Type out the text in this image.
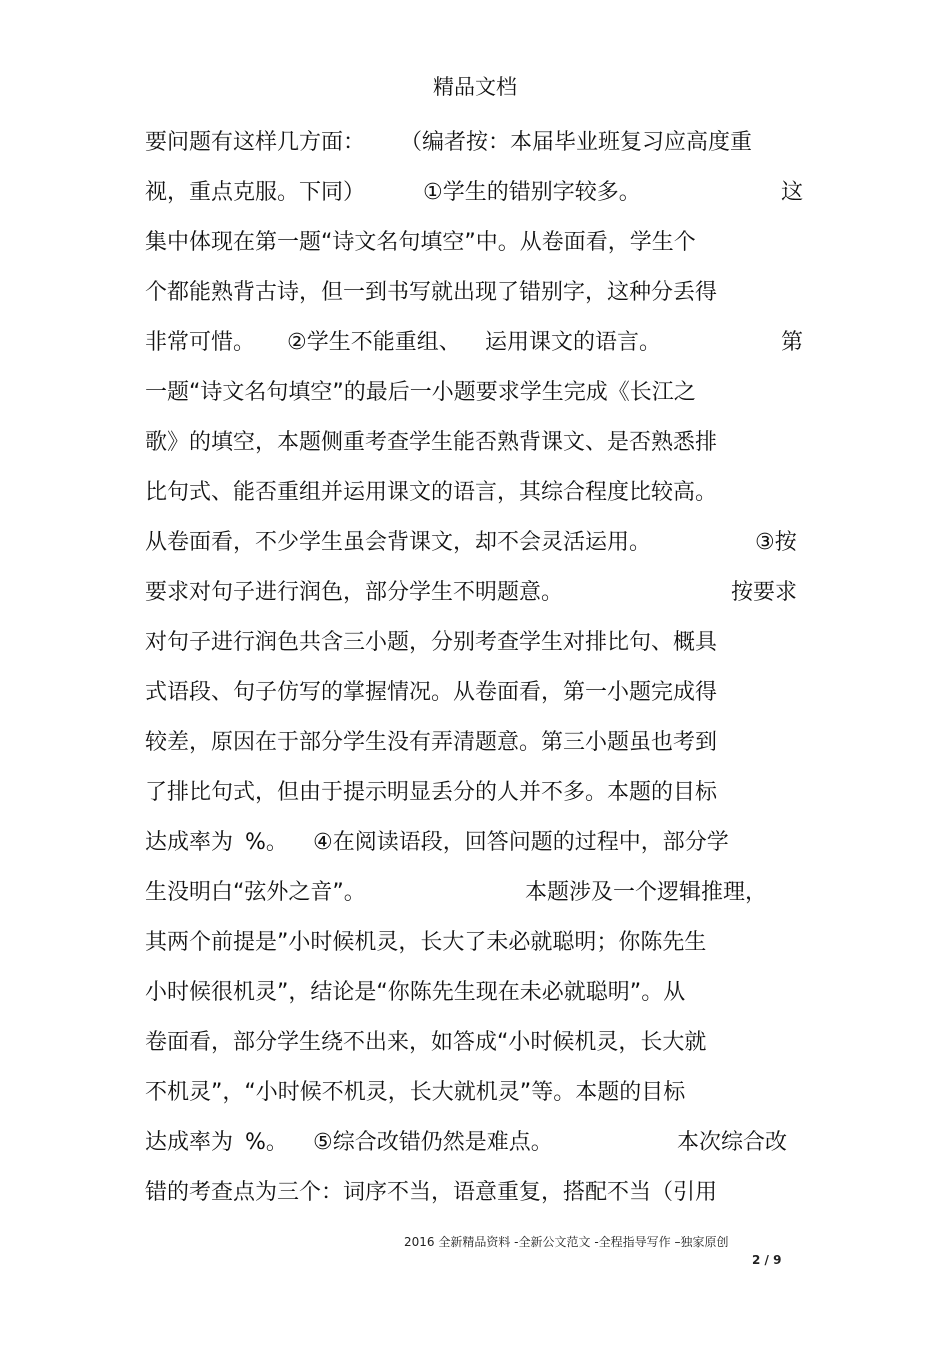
精品文档
要问题有这样几方面： （编者按：本届毕业班复习应高度重
视，重点克服。下同）	①学生的错别字较多。	这
集中体现在第一题“诗文名句填空”中。从卷面看，学生个
个都能熟背古诗，但一到书写就出现了错别字，这种分丢得
非常可惜。 ②学生不能重组、 运用课文的语言。	第
一题“诗文名句填空”的最后一小题要求学生完成《长江之
歌》的填空，本题侧重考查学生能否熟背课文、是否熟悉排
比句式、能否重组并运用课文的语言，其综合程度比较高。
从卷面看，不少学生虽会背课文，却不会灵活运用。	③按
要求对句子进行润色，部分学生不明题意。	按要求
对句子进行润色共含三小题，分别考查学生对排比句、概具
式语段、句子仿写的掌握情况。从卷面看，第一小题完成得
较差，原因在于部分学生没有弄清题意。第三小题虽也考到
了排比句式，但由于提示明显丢分的人并不多。本题的目标
达成率为 %。 ④在阅读语段，回答问题的过程中，部分学
生没明白“弦外之音”。	本题涉及一个逻辑推理，
其两个前提是”小时候机灵，长大了未必就聪明；你陈先生
小时候很机灵”，结论是“你陈先生现在未必就聪明”。从
卷面看，部分学生绕不出来，如答成“小时候机灵，长大就
不机灵”，“小时候不机灵，长大就机灵”等。本题的目标
达成率为 %。 ⑤综合改错仍然是难点。	本次综合改
错的考查点为三个：词序不当，语意重复，搭配不当（引用
2016 全新精品资料 -全新公文范文 -全程指导写作 –独家原创
2 / 9
